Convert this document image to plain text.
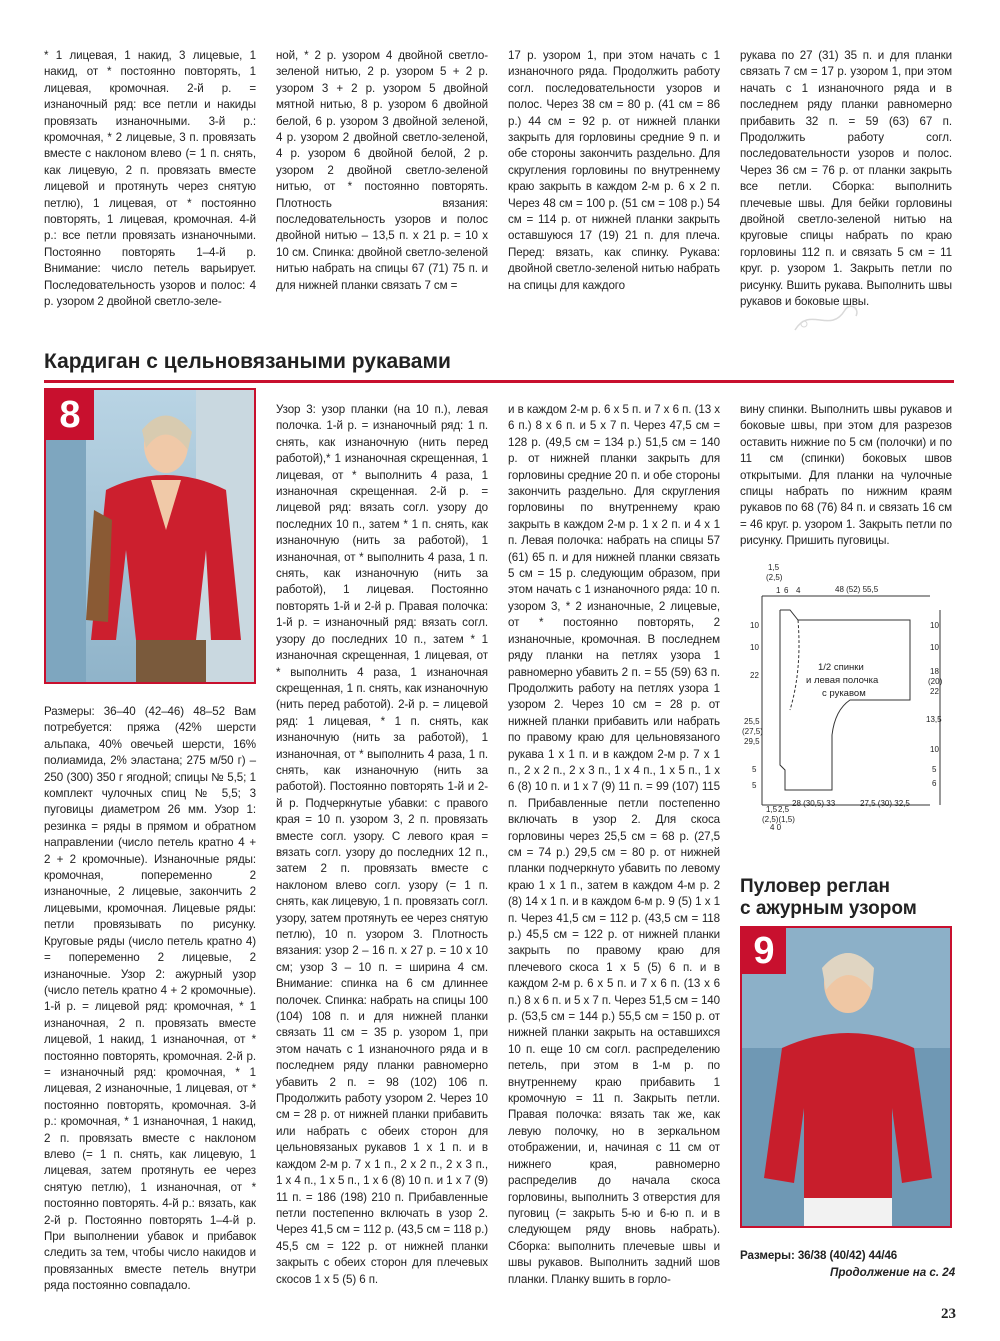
* 1 лицевая, 1 накид, 3 лицевые, 1 накид, от * постоянно повторять, 1 лицевая, кромочная. 2-й р. = изнаночный ряд: все петли и накиды провязать изнаночными. 3-й р.: кромочная, * 2 лицевые, 3 п. провязать вместе с наклоном влево (= 1 п. снять, как лицевую, 2 п. провязать вместе лицевой и протянуть через снятую петлю), 1 лицевая, от * постоянно повторять, 1 лицевая, кромочная. 4-й р.: все петли провязать изнаночными. Постоянно повторять 1–4-й р. Внимание: число петель варьирует. Последовательность узоров и полос: 4 р. узором 2 двойной светло-зеле-

ной, * 2 р. узором 4 двойной светло-зеленой нитью, 2 р. узором 5 + 2 р. узором 3 + 2 р. узором 5 двойной мятной нитью, 8 р. узором 6 двойной белой, 6 р. узором 3 двойной зеленой, 4 р. узором 2 двойной светло-зеленой, 4 р. узором 6 двойной белой, 2 р. узором 2 двойной светло-зеленой нитью, от * постоянно повторять. Плотность вязания: последовательность узоров и полос двойной нитью – 13,5 п. х 21 р. = 10 х 10 см. Спинка: двойной светло-зеленой нитью набрать на спицы 67 (71) 75 п. и для нижней планки связать 7 см =

17 р. узором 1, при этом начать с 1 изнаночного ряда. Продолжить работу согл. последовательности узоров и полос. Через 38 см = 80 р. (41 см = 86 р.) 44 см = 92 р. от нижней планки закрыть для горловины средние 9 п. и обе стороны закончить раздельно. Для скругления горловины по внутреннему краю закрыть в каждом 2-м р. 6 х 2 п. Через 48 см = 100 р. (51 см = 108 р.) 54 см = 114 р. от нижней планки закрыть оставшуюся 17 (19) 21 п. для плеча. Перед: вязать, как спинку. Рукава: двойной светло-зеленой нитью набрать на спицы для каждого

рукава по 27 (31) 35 п. и для планки связать 7 см = 17 р. узором 1, при этом начать с 1 изнаночного ряда и в последнем ряду планки равномерно прибавить 32 п. = 59 (63) 67 п. Продолжить работу согл. последовательности узоров и полос. Через 36 см = 76 р. от планки закрыть все петли. Сборка: выполнить плечевые швы. Для бейки горловины двойной светло-зеленой нитью на круговые спицы набрать по краю горловины 112 п. и связать 5 см = 11 круг. р. узором 1. Закрыть петли по рисунку. Вшить рукава. Выполнить швы рукавов и боковые швы.

Кардиган с цельновязаными рукавами
8

Размеры: 36–40 (42–46) 48–52 Вам потребуется: пряжа (42% шерсти альпака, 40% овечьей шерсти, 16% полиамида, 2% эластана; 275 м/50 г) – 250 (300) 350 г ягодной; спицы № 5,5; 1 комплект чулочных спиц № 5,5; 3 пуговицы диаметром 26 мм. Узор 1: резинка = ряды в прямом и обратном направлении (число петель кратно 4 + 2 + 2 кромочные). Изнаночные ряды: кромочная, попеременно 2 изнаночные, 2 лицевые, закончить 2 лицевыми, кромочная. Лицевые ряды: петли провязывать по рисунку. Круговые ряды (число петель кратно 4) = попеременно 2 лицевые, 2 изнаночные. Узор 2: ажурный узор (число петель кратно 4 + 2 кромочные). 1-й р. = лицевой ряд: кромочная, * 1 изнаночная, 2 п. провязать вместе лицевой, 1 накид, 1 изнаночная, от * постоянно повторять, кромочная. 2-й р. = изнаночный ряд: кромочная, * 1 лицевая, 2 изнаночные, 1 лицевая, от * постоянно повторять, кромочная. 3-й р.: кромочная, * 1 изнаночная, 1 накид, 2 п. провязать вместе с наклоном влево (= 1 п. снять, как лицевую, 1 лицевая, затем протянуть ее через снятую петлю), 1 изнаночная, от * постоянно повторять. 4-й р.: вязать, как 2-й р. Постоянно повторять 1–4-й р. При выполнении убавок и прибавок следить за тем, чтобы число накидов и провязанных вместе петель внутри ряда постоянно совпадало.

Узор 3: узор планки (на 10 п.), левая полочка. 1-й р. = изнаночный ряд: 1 п. снять, как изнаночную (нить перед работой),* 1 изнаночная скрещенная, 1 лицевая, от * выполнить 4 раза, 1 изнаночная скрещенная. 2-й р. = лицевой ряд: вязать согл. узору до последних 10 п., затем * 1 п. снять, как изнаночную (нить за работой), 1 изнаночная, от * выполнить 4 раза, 1 п. снять, как изнаночную (нить за работой), 1 лицевая. Постоянно повторять 1-й и 2-й р. Правая полочка: 1-й р. = изнаночный ряд: вязать согл. узору до последних 10 п., затем * 1 изнаночная скрещенная, 1 лицевая, от * выполнить 4 раза, 1 изнаночная скрещенная, 1 п. снять, как изнаночную (нить перед работой). 2-й р. = лицевой ряд: 1 лицевая, * 1 п. снять, как изнаночную (нить за работой), 1 изнаночная, от * выполнить 4 раза, 1 п. снять, как изнаночную (нить за работой). Постоянно повторять 1-й и 2-й р. Подчеркнутые убавки: с правого края = 10 п. узором 3, 2 п. провязать вместе согл. узору. С левого края = вязать согл. узору до последних 12 п., затем 2 п. провязать вместе с наклоном влево согл. узору (= 1 п. снять, как лицевую, 1 п. провязать согл. узору, затем протянуть ее через снятую петлю), 10 п. узором 3. Плотность вязания: узор 2 – 16 п. х 27 р. = 10 х 10 см; узор 3 – 10 п. = ширина 4 см. Внимание: спинка на 6 см длиннее полочек. Спинка: набрать на спицы 100 (104) 108 п. и для нижней планки связать 11 см = 35 р. узором 1, при этом начать с 1 изнаночного ряда и в последнем ряду планки равномерно убавить 2 п. = 98 (102) 106 п. Продолжить работу узором 2. Через 10 см = 28 р. от нижней планки прибавить или набрать с обеих сторон для цельновязаных рукавов 1 х 1 п. и в каждом 2-м р. 7 х 1 п., 2 х 2 п., 2 х 3 п., 1 х 4 п., 1 х 5 п., 1 х 6 (8) 10 п. и 1 х 7 (9) 11 п. = 186 (198) 210 п. Прибавленные петли постепенно включать в узор 2. Через 41,5 см = 112 р. (43,5 см = 118 р.) 45,5 см = 122 р. от нижней планки закрыть с обеих сторон для плечевых скосов 1 х 5 (5) 6 п.

и в каждом 2-м р. 6 х 5 п. и 7 х 6 п. (13 х 6 п.) 8 х 6 п. и 5 х 7 п. Через 47,5 см = 128 р. (49,5 см = 134 р.) 51,5 см = 140 р. от нижней планки закрыть для горловины средние 20 п. и обе стороны закончить раздельно. Для скругления горловины по внутреннему краю закрыть в каждом 2-м р. 1 х 2 п. и 4 х 1 п. Левая полочка: набрать на спицы 57 (61) 65 п. и для нижней планки связать 5 см = 15 р. следующим образом, при этом начать с 1 изнаночного ряда: 10 п. узором 3, * 2 изнаночные, 2 лицевые, от * постоянно повторять, 2 изнаночные, кромочная. В последнем ряду планки на петлях узора 1 равномерно убавить 2 п. = 55 (59) 63 п. Продолжить работу на петлях узора 1 узором 2. Через 10 см = 28 р. от нижней планки прибавить или набрать по правому краю для цельновязаного рукава 1 х 1 п. и в каждом 2-м р. 7 х 1 п., 2 х 2 п., 2 х 3 п., 1 х 4 п., 1 х 5 п., 1 х 6 (8) 10 п. и 1 х 7 (9) 11 п. = 99 (107) 115 п. Прибавленные петли постепенно включать в узор 2. Для скоса горловины через 25,5 см = 68 р. (27,5 см = 74 р.) 29,5 см = 80 р. от нижней планки подчеркнуто убавить по левому краю 1 х 1 п., затем в каждом 4-м р. 2 (8) 14 х 1 п. и в каждом 6-м р. 9 (5) 1 х 1 п. Через 41,5 см = 112 р. (43,5 см = 118 р.) 45,5 см = 122 р. от нижней планки закрыть по правому краю для плечевого скоса 1 х 5 (5) 6 п. и в каждом 2-м р. 6 х 5 п. и 7 х 6 п. (13 х 6 п.) 8 х 6 п. и 5 х 7 п. Через 51,5 см = 140 р. (53,5 см = 144 р.) 55,5 см = 150 р. от нижней планки закрыть на оставшихся 10 п. еще 10 см согл. распределению петель, при этом в 1-м р. по внутреннему краю прибавить 1 кромочную = 11 п. Закрыть петли. Правая полочка: вязать так же, как левую полочку, но в зеркальном отображении, и, начиная с 11 см от нижнего края, равномерно распределив до начала скоса горловины, выполнить 3 отверстия для пуговиц (= закрыть 5-ю и 6-ю п. и в следующем ряду вновь набрать). Сборка: выполнить плечевые швы и швы рукавов. Выполнить задний шов планки. Планку вшить в горло-

вину спинки. Выполнить швы рукавов и боковые швы, при этом для разрезов оставить нижние по 5 см (полочки) и по 11 см (спинки) боковых швов открытыми. Для планки на чулочные спицы набрать по нижним краям рукавов по 68 (76) 84 п. и связать 16 см = 46 круг. р. узором 1. Закрыть петли по рисунку. Пришить пуговицы.

48 (52) 55,5
1,5
(2,5)
1 6 4
10
10
22
25,5
(27,5)
29,5
5
5
1/2 спинки
и левая полочка
с рукавом
10
10
18
(20)
22
13,5
10
5
6
1,5
28 (30,5) 33	27,5 (30) 32,5
(2,5)(1,5)
4 0
2,5
Пуловер реглан
с ажурным узором
9
Размеры: 36/38 (40/42) 44/46
Продолжение на с. 24
23
